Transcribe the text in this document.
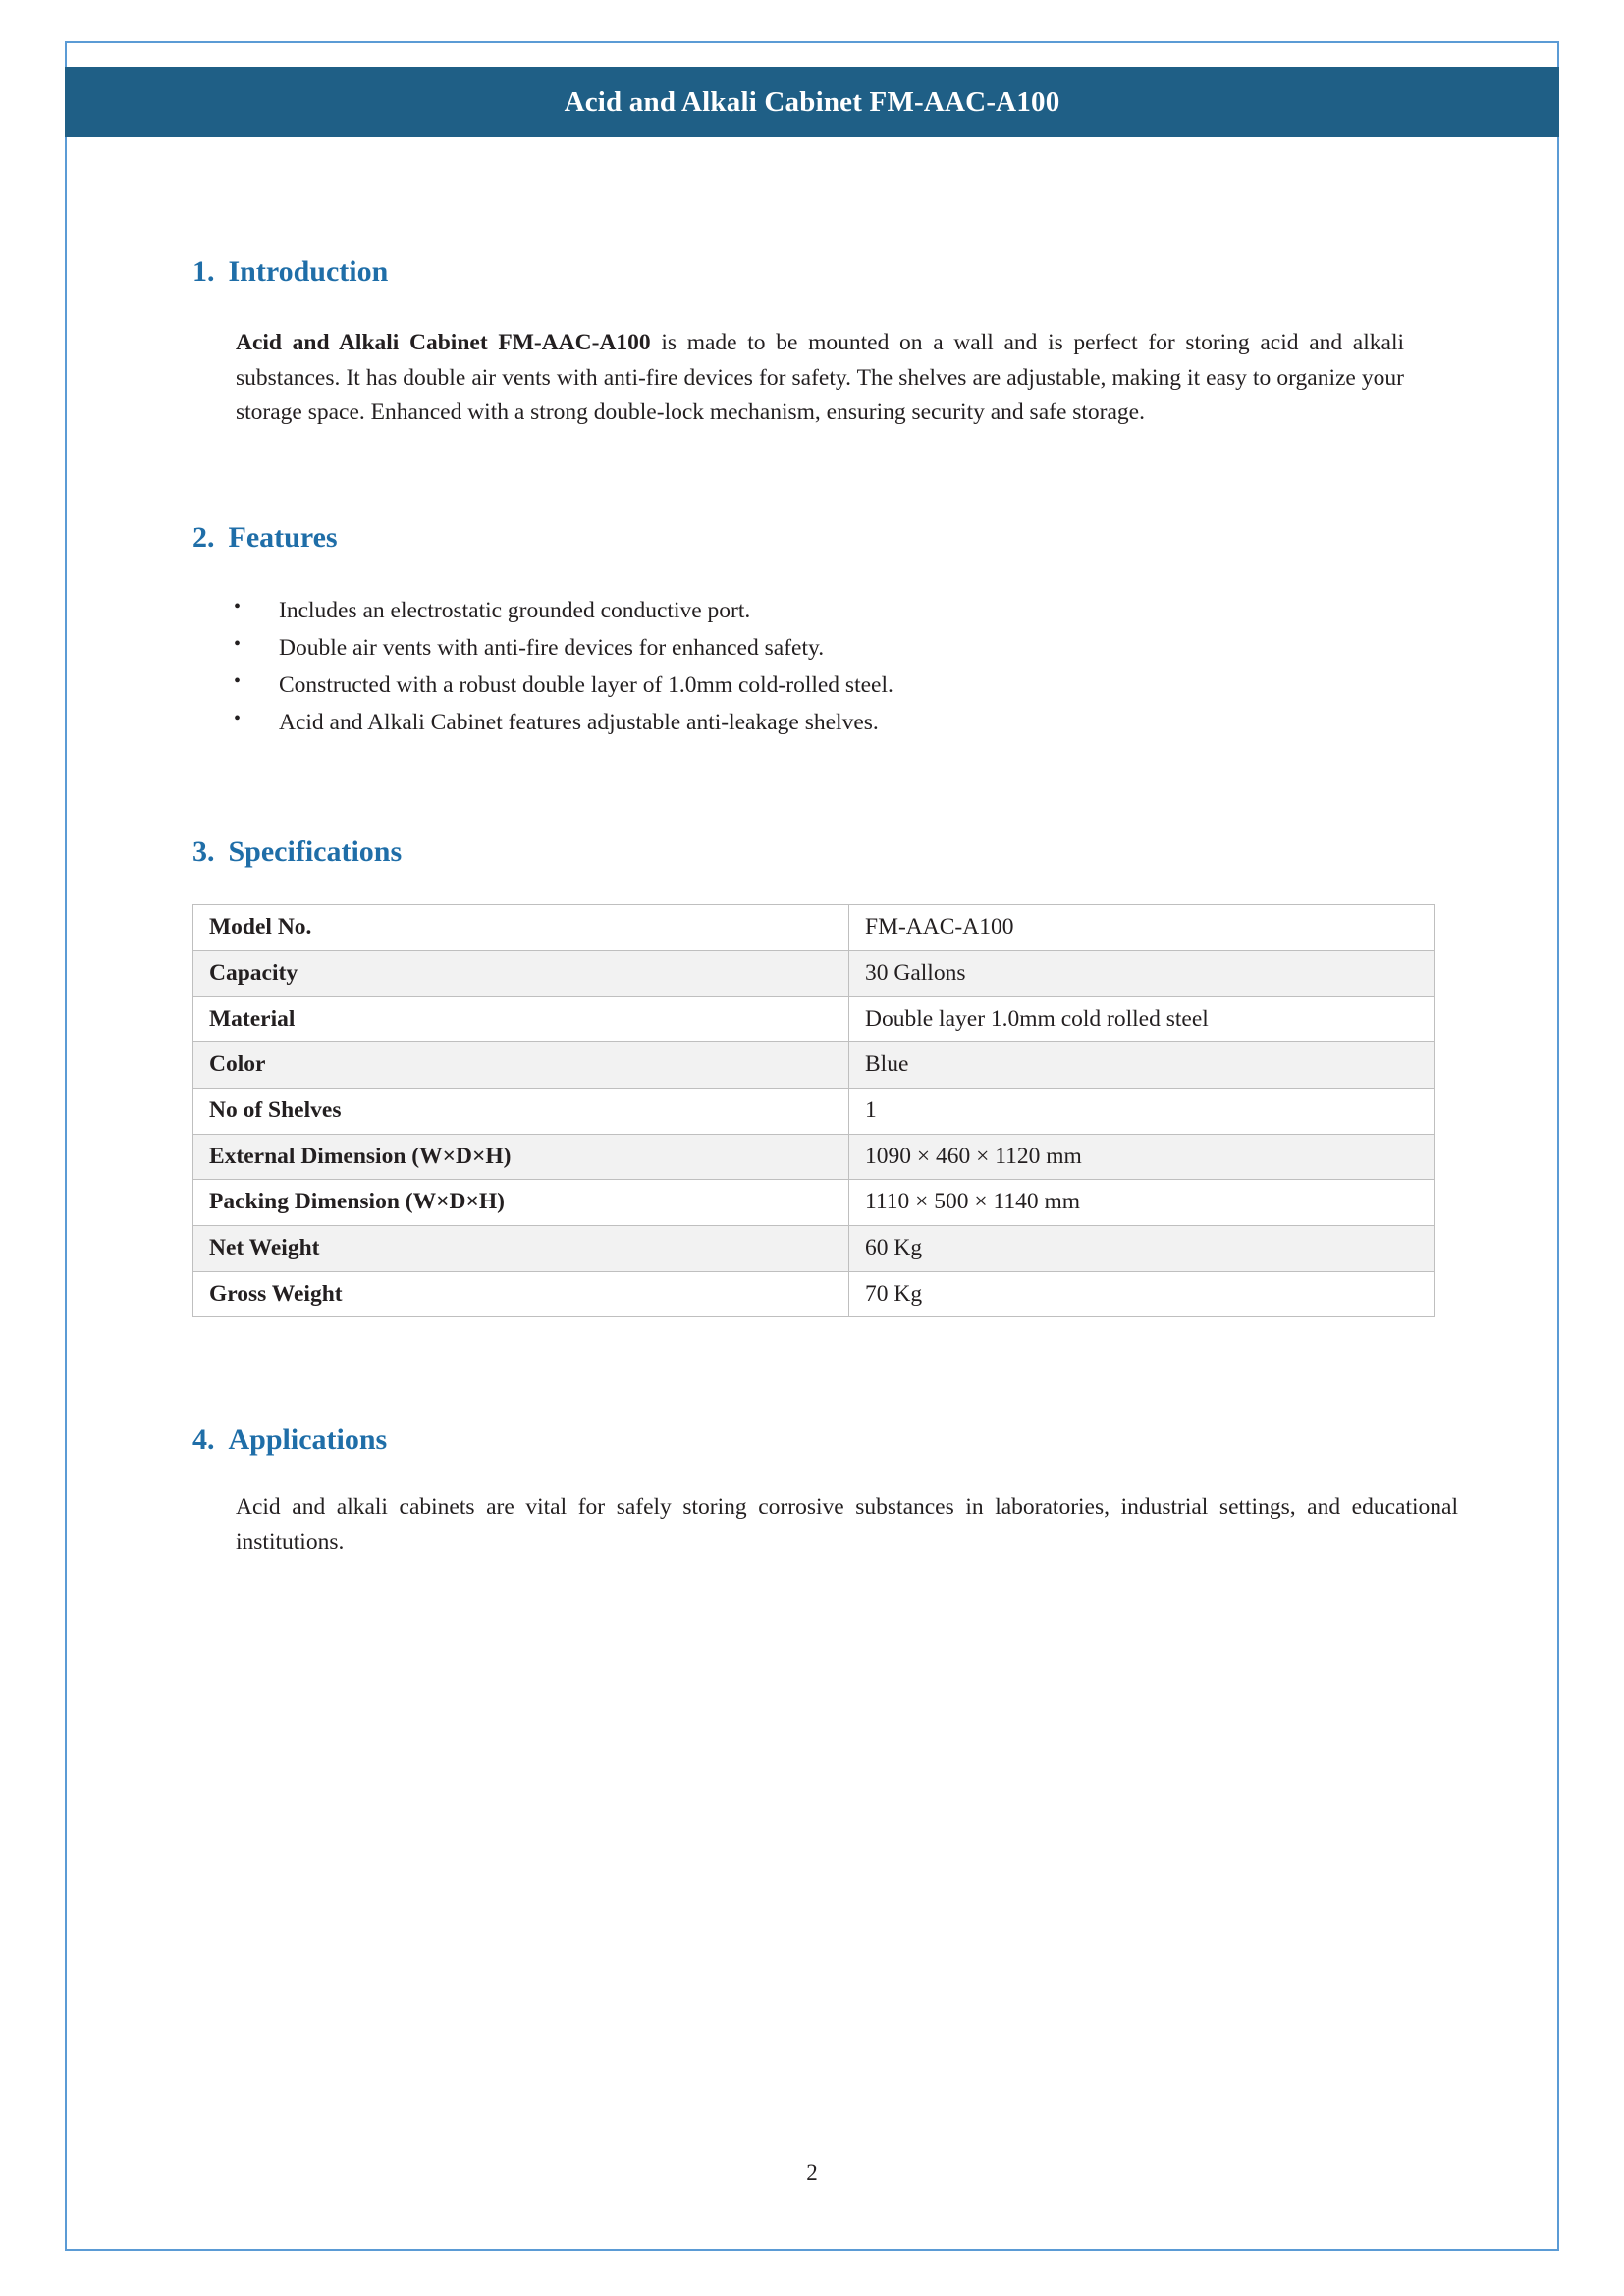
Acid and Alkali Cabinet FM-AAC-A100
1. Introduction

Acid and Alkali Cabinet FM-AAC-A100 is made to be mounted on a wall and is perfect for storing acid and alkali substances. It has double air vents with anti-fire devices for safety. The shelves are adjustable, making it easy to organize your storage space. Enhanced with a strong double-lock mechanism, ensuring security and safe storage.

2. Features
• Includes an electrostatic grounded conductive port.
• Double air vents with anti-fire devices for enhanced safety.
• Constructed with a robust double layer of 1.0mm cold-rolled steel.
• Acid and Alkali Cabinet features adjustable anti-leakage shelves.
3. Specifications
Model No.	FM-AAC-A100
Capacity	30 Gallons
Material	Double layer 1.0mm cold rolled steel
Color	Blue
No of Shelves	1
External Dimension (W×D×H)	1090 × 460 × 1120 mm
Packing Dimension (W×D×H)	1110 × 500 × 1140 mm
Net Weight	60 Kg
Gross Weight	70 Kg
4. Applications

Acid and alkali cabinets are vital for safely storing corrosive substances in laboratories, industrial settings, and educational institutions.

2
